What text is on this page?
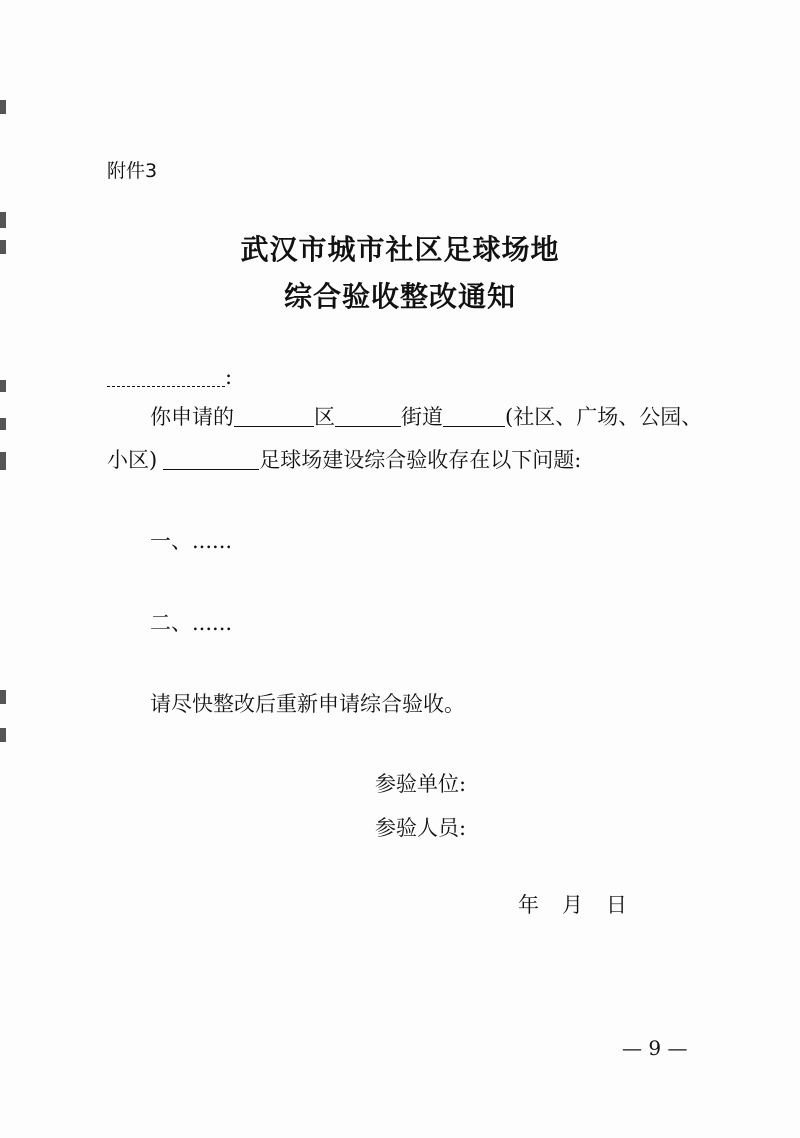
附件3
武汉市城市社区足球场地
综合验收整改通知
:
你申请的	区	街道	(社区、广场、公园、
小区)	足球场建设综合验收存在以下问题:
一、......
二、......
请尽快整改后重新申请综合验收。
参验单位:
参验人员:
年 月 日
— 9 —
